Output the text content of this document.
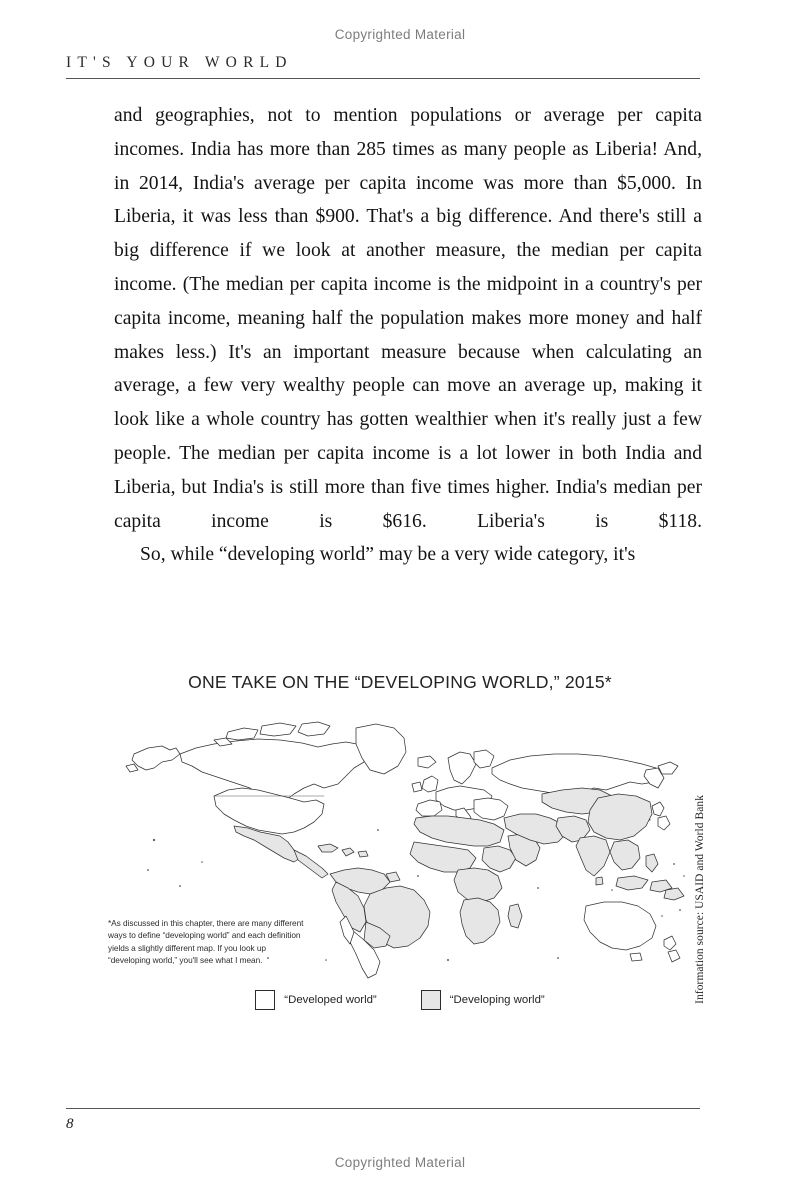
Copyrighted Material
IT'S YOUR WORLD

and geographies, not to mention populations or average per capita incomes. India has more than 285 times as many people as Liberia! And, in 2014, India's average per capita income was more than $5,000. In Liberia, it was less than $900. That's a big difference. And there's still a big difference if we look at another measure, the median per capita income. (The median per capita income is the midpoint in a country's per capita income, meaning half the population makes more money and half makes less.) It's an important measure because when calculating an average, a few very wealthy people can move an average up, making it look like a whole country has gotten wealthier when it's really just a few people. The median per capita income is a lot lower in both India and Liberia, but India's is still more than five times higher. India's median per capita income is $616. Liberia's is $118.

So, while “developing world” may be a very wide category, it's

ONE TAKE ON THE “DEVELOPING WORLD,” 2015*
*As discussed in this chapter, there are many different ways to define “developing world” and each definition yields a slightly different map. If you look up “developing world,” you'll see what I mean.
“Developed world”	“Developing world”	Information source: USAID and World Bank
8
Copyrighted Material
